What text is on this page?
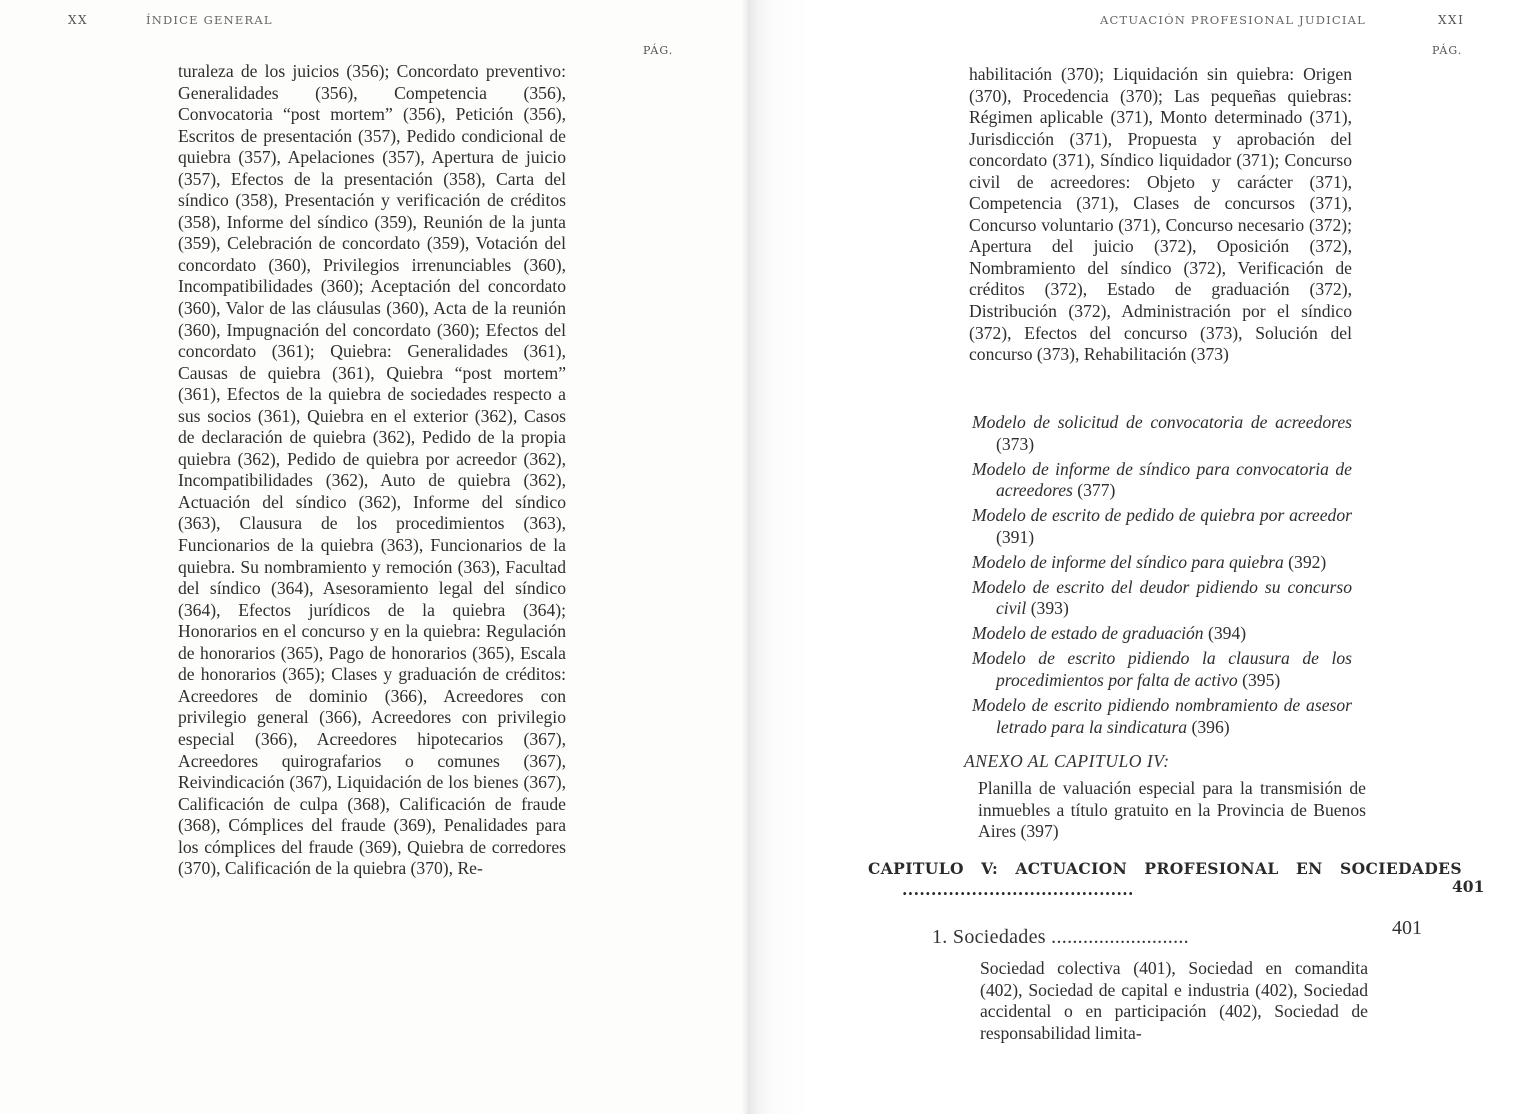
XX	ÍNDICE GENERAL
PÁG.

turaleza de los juicios (356); Concordato preventivo: Generalidades (356), Competencia (356), Convocatoria “post mortem” (356), Petición (356), Escritos de presentación (357), Pedido condicional de quiebra (357), Apelaciones (357), Apertura de juicio (357), Efectos de la presentación (358), Carta del síndico (358), Presentación y verificación de créditos (358), Informe del síndico (359), Reunión de la junta (359), Celebración de concordato (359), Votación del concordato (360), Privilegios irrenunciables (360), Incompatibilidades (360); Aceptación del concordato (360), Valor de las cláusulas (360), Acta de la reunión (360), Impugnación del concordato (360); Efectos del concordato (361); Quiebra: Generalidades (361), Causas de quiebra (361), Quiebra “post mortem” (361), Efectos de la quiebra de sociedades respecto a sus socios (361), Quiebra en el exterior (362), Casos de declaración de quiebra (362), Pedido de la propia quiebra (362), Pedido de quiebra por acreedor (362), Incompatibilidades (362), Auto de quiebra (362), Actuación del síndico (362), Informe del síndico (363), Clausura de los procedimientos (363), Funcionarios de la quiebra (363), Funcionarios de la quiebra. Su nombramiento y remoción (363), Facultad del síndico (364), Asesoramiento legal del síndico (364), Efectos jurídicos de la quiebra (364); Honorarios en el concurso y en la quiebra: Regulación de honorarios (365), Pago de honorarios (365), Escala de honorarios (365); Clases y graduación de créditos: Acreedores de dominio (366), Acreedores con privilegio general (366), Acreedores con privilegio especial (366), Acreedores hipotecarios (367), Acreedores quirografarios o comunes (367), Reivindicación (367), Liquidación de los bienes (367), Calificación de culpa (368), Calificación de fraude (368), Cómplices del fraude (369), Penalidades para los cómplices del fraude (369), Quiebra de corredores (370), Calificación de la quiebra (370), Re-

ACTUACIÓN PROFESIONAL JUDICIAL	XXI
PÁG.

habilitación (370); Liquidación sin quiebra: Origen (370), Procedencia (370); Las pequeñas quiebras: Régimen aplicable (371), Monto determinado (371), Jurisdicción (371), Propuesta y aprobación del concordato (371), Síndico liquidador (371); Concurso civil de acreedores: Objeto y carácter (371), Competencia (371), Clases de concursos (371), Concurso voluntario (371), Concurso necesario (372); Apertura del juicio (372), Oposición (372), Nombramiento del síndico (372), Verificación de créditos (372), Estado de graduación (372), Distribución (372), Administración por el síndico (372), Efectos del concurso (373), Solución del concurso (373), Rehabilitación (373)

Modelo de solicitud de convocatoria de acreedores (373)

Modelo de informe de síndico para convocatoria de acreedores (377)

Modelo de escrito de pedido de quiebra por acreedor (391)

Modelo de informe del síndico para quiebra (392)

Modelo de escrito del deudor pidiendo su concurso civil (393)

Modelo de estado de graduación (394)

Modelo de escrito pidiendo la clausura de los procedimientos por falta de activo (395)

Modelo de escrito pidiendo nombramiento de asesor letrado para la sindicatura (396)

ANEXO AL CAPITULO IV:

Planilla de valuación especial para la transmisión de inmuebles a título gratuito en la Provincia de Buenos Aires (397)

CAPITULO V: ACTUACION PROFESIONAL EN SOCIEDADES ........................................	401
1. Sociedades ..........................	401

Sociedad colectiva (401), Sociedad en comandita (402), Sociedad de capital e industria (402), Sociedad accidental o en participación (402), Sociedad de responsabilidad limita-
